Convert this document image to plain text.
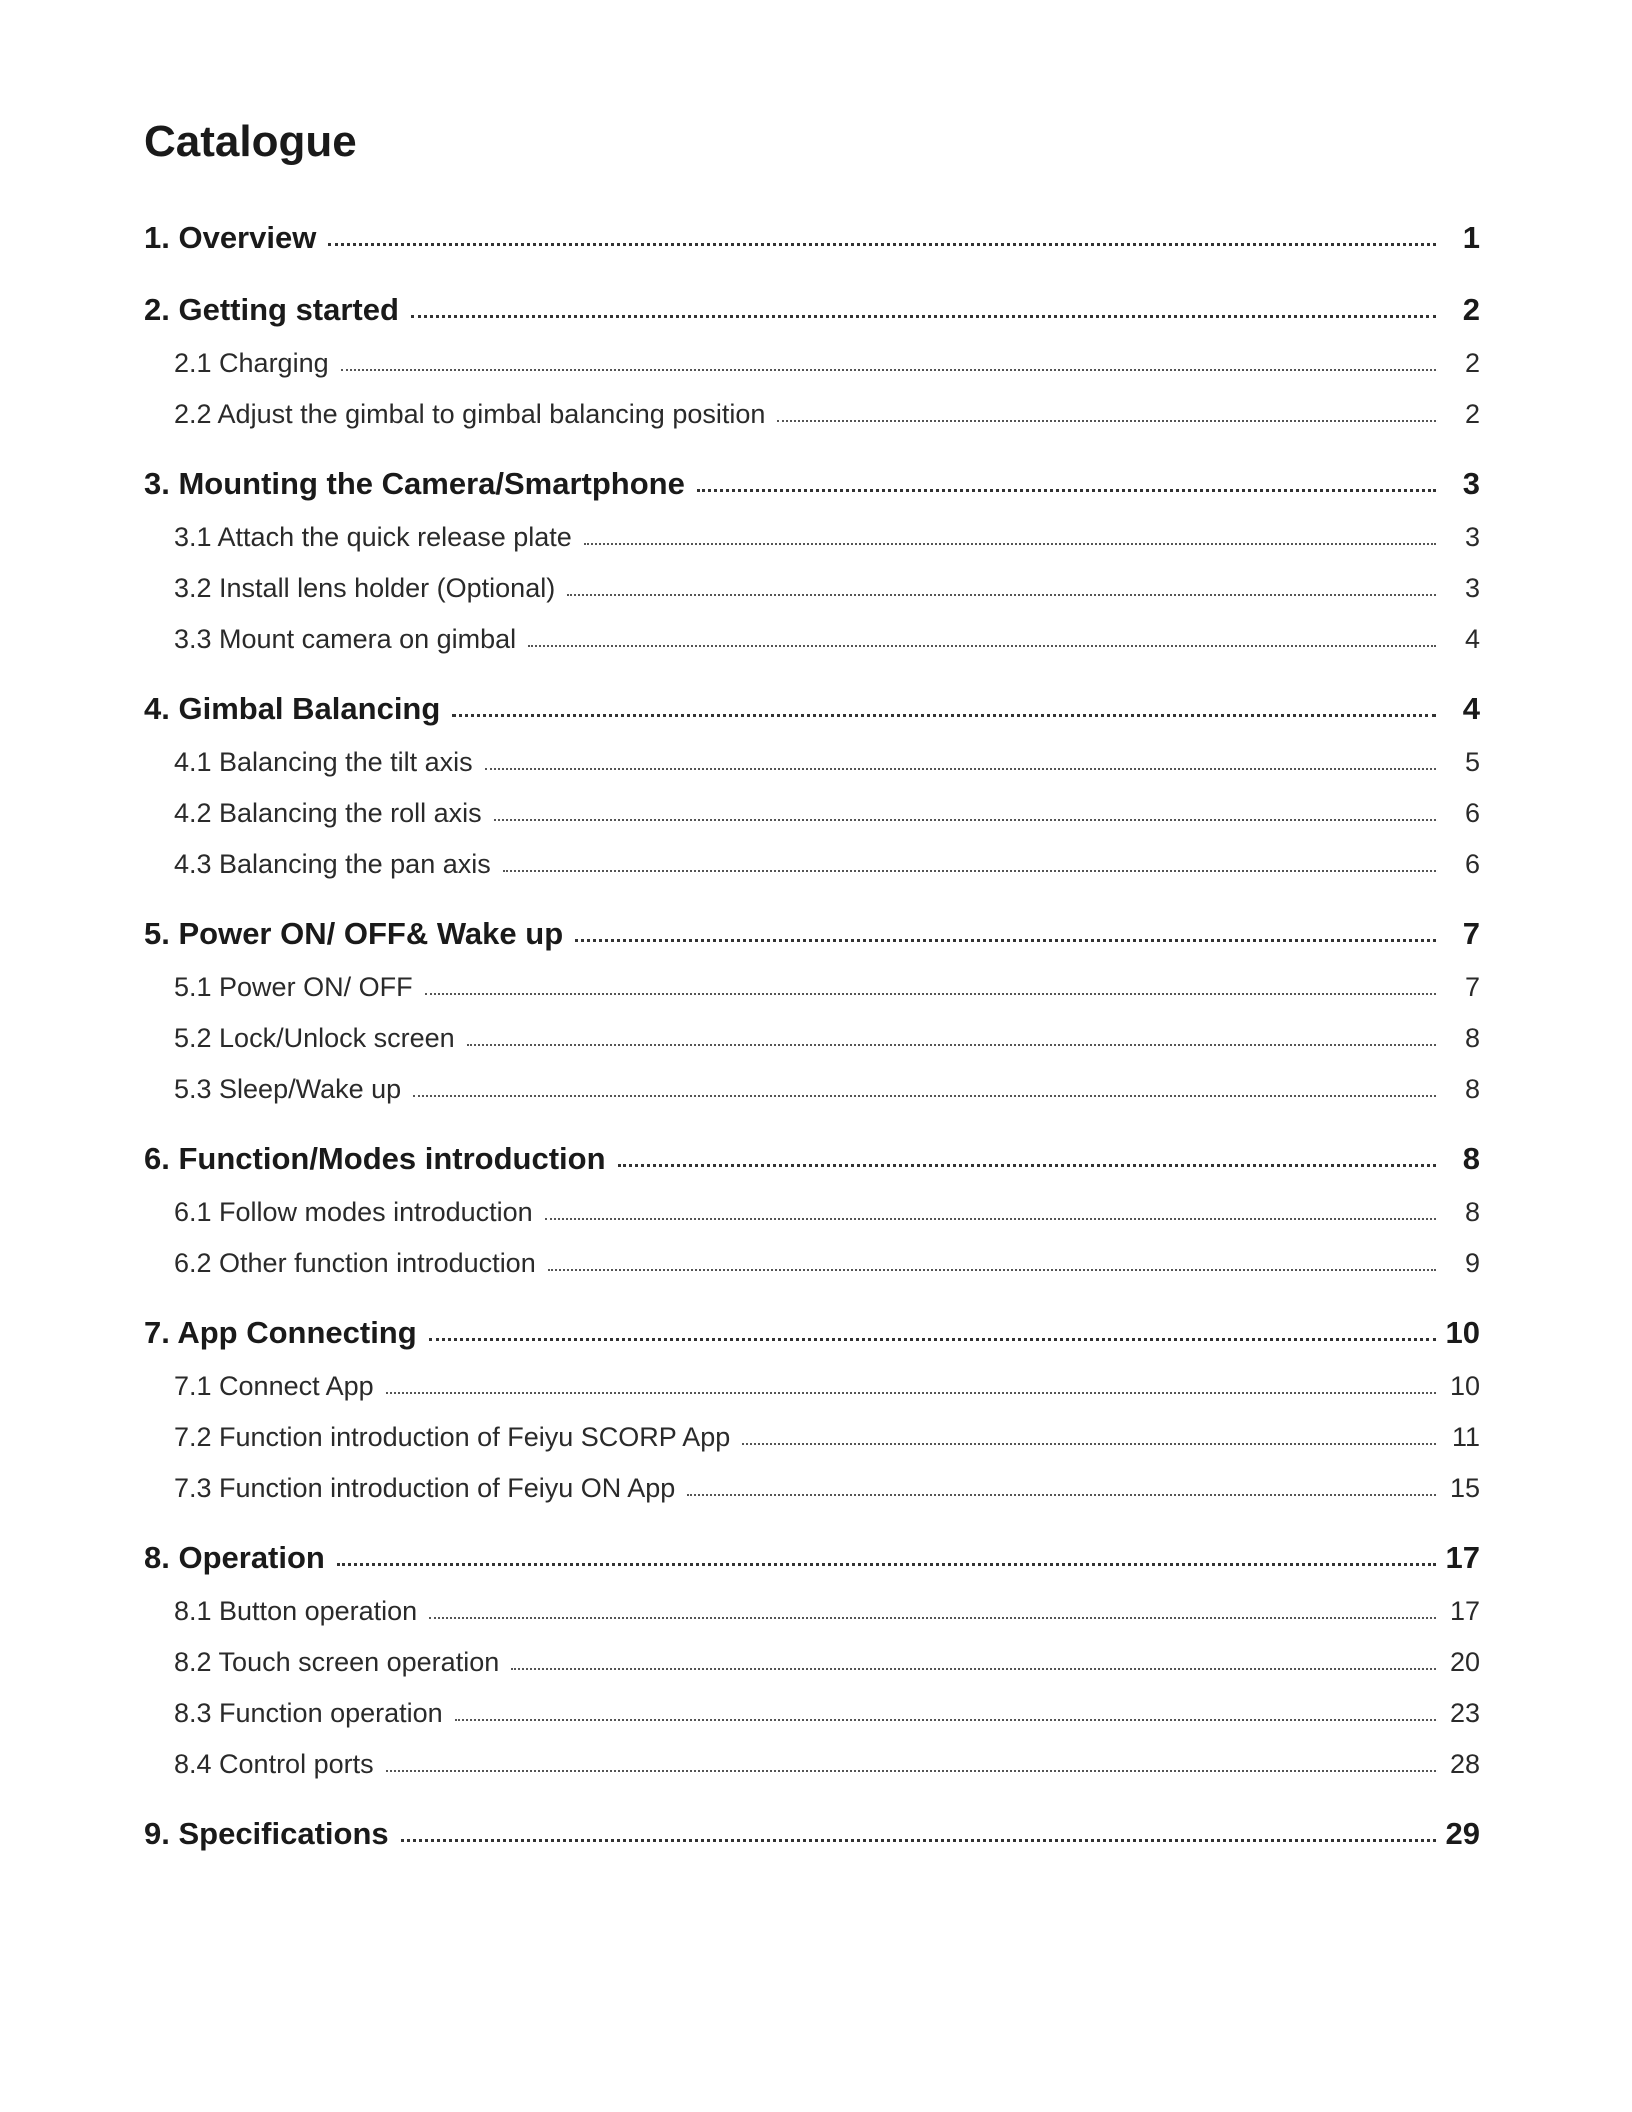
Catalogue
1. Overview	1
2. Getting started	2
2.1 Charging	2
2.2 Adjust the gimbal to gimbal balancing position	2
3. Mounting the Camera/Smartphone	3
3.1 Attach the quick release plate	3
3.2 Install lens holder (Optional)	3
3.3 Mount camera on gimbal	4
4. Gimbal Balancing	4
4.1 Balancing the tilt axis	5
4.2 Balancing the roll axis	6
4.3 Balancing the pan axis	6
5. Power ON/ OFF& Wake up	7
5.1 Power ON/ OFF	7
5.2 Lock/Unlock screen	8
5.3 Sleep/Wake up	8
6. Function/Modes introduction	8
6.1 Follow modes introduction	8
6.2 Other function introduction	9
7. App Connecting	10
7.1 Connect App	10
7.2 Function introduction of Feiyu SCORP App	11
7.3 Function introduction of Feiyu ON App	15
8. Operation	17
8.1 Button operation	17
8.2 Touch screen operation	20
8.3 Function operation	23
8.4 Control ports	28
9. Specifications	29
